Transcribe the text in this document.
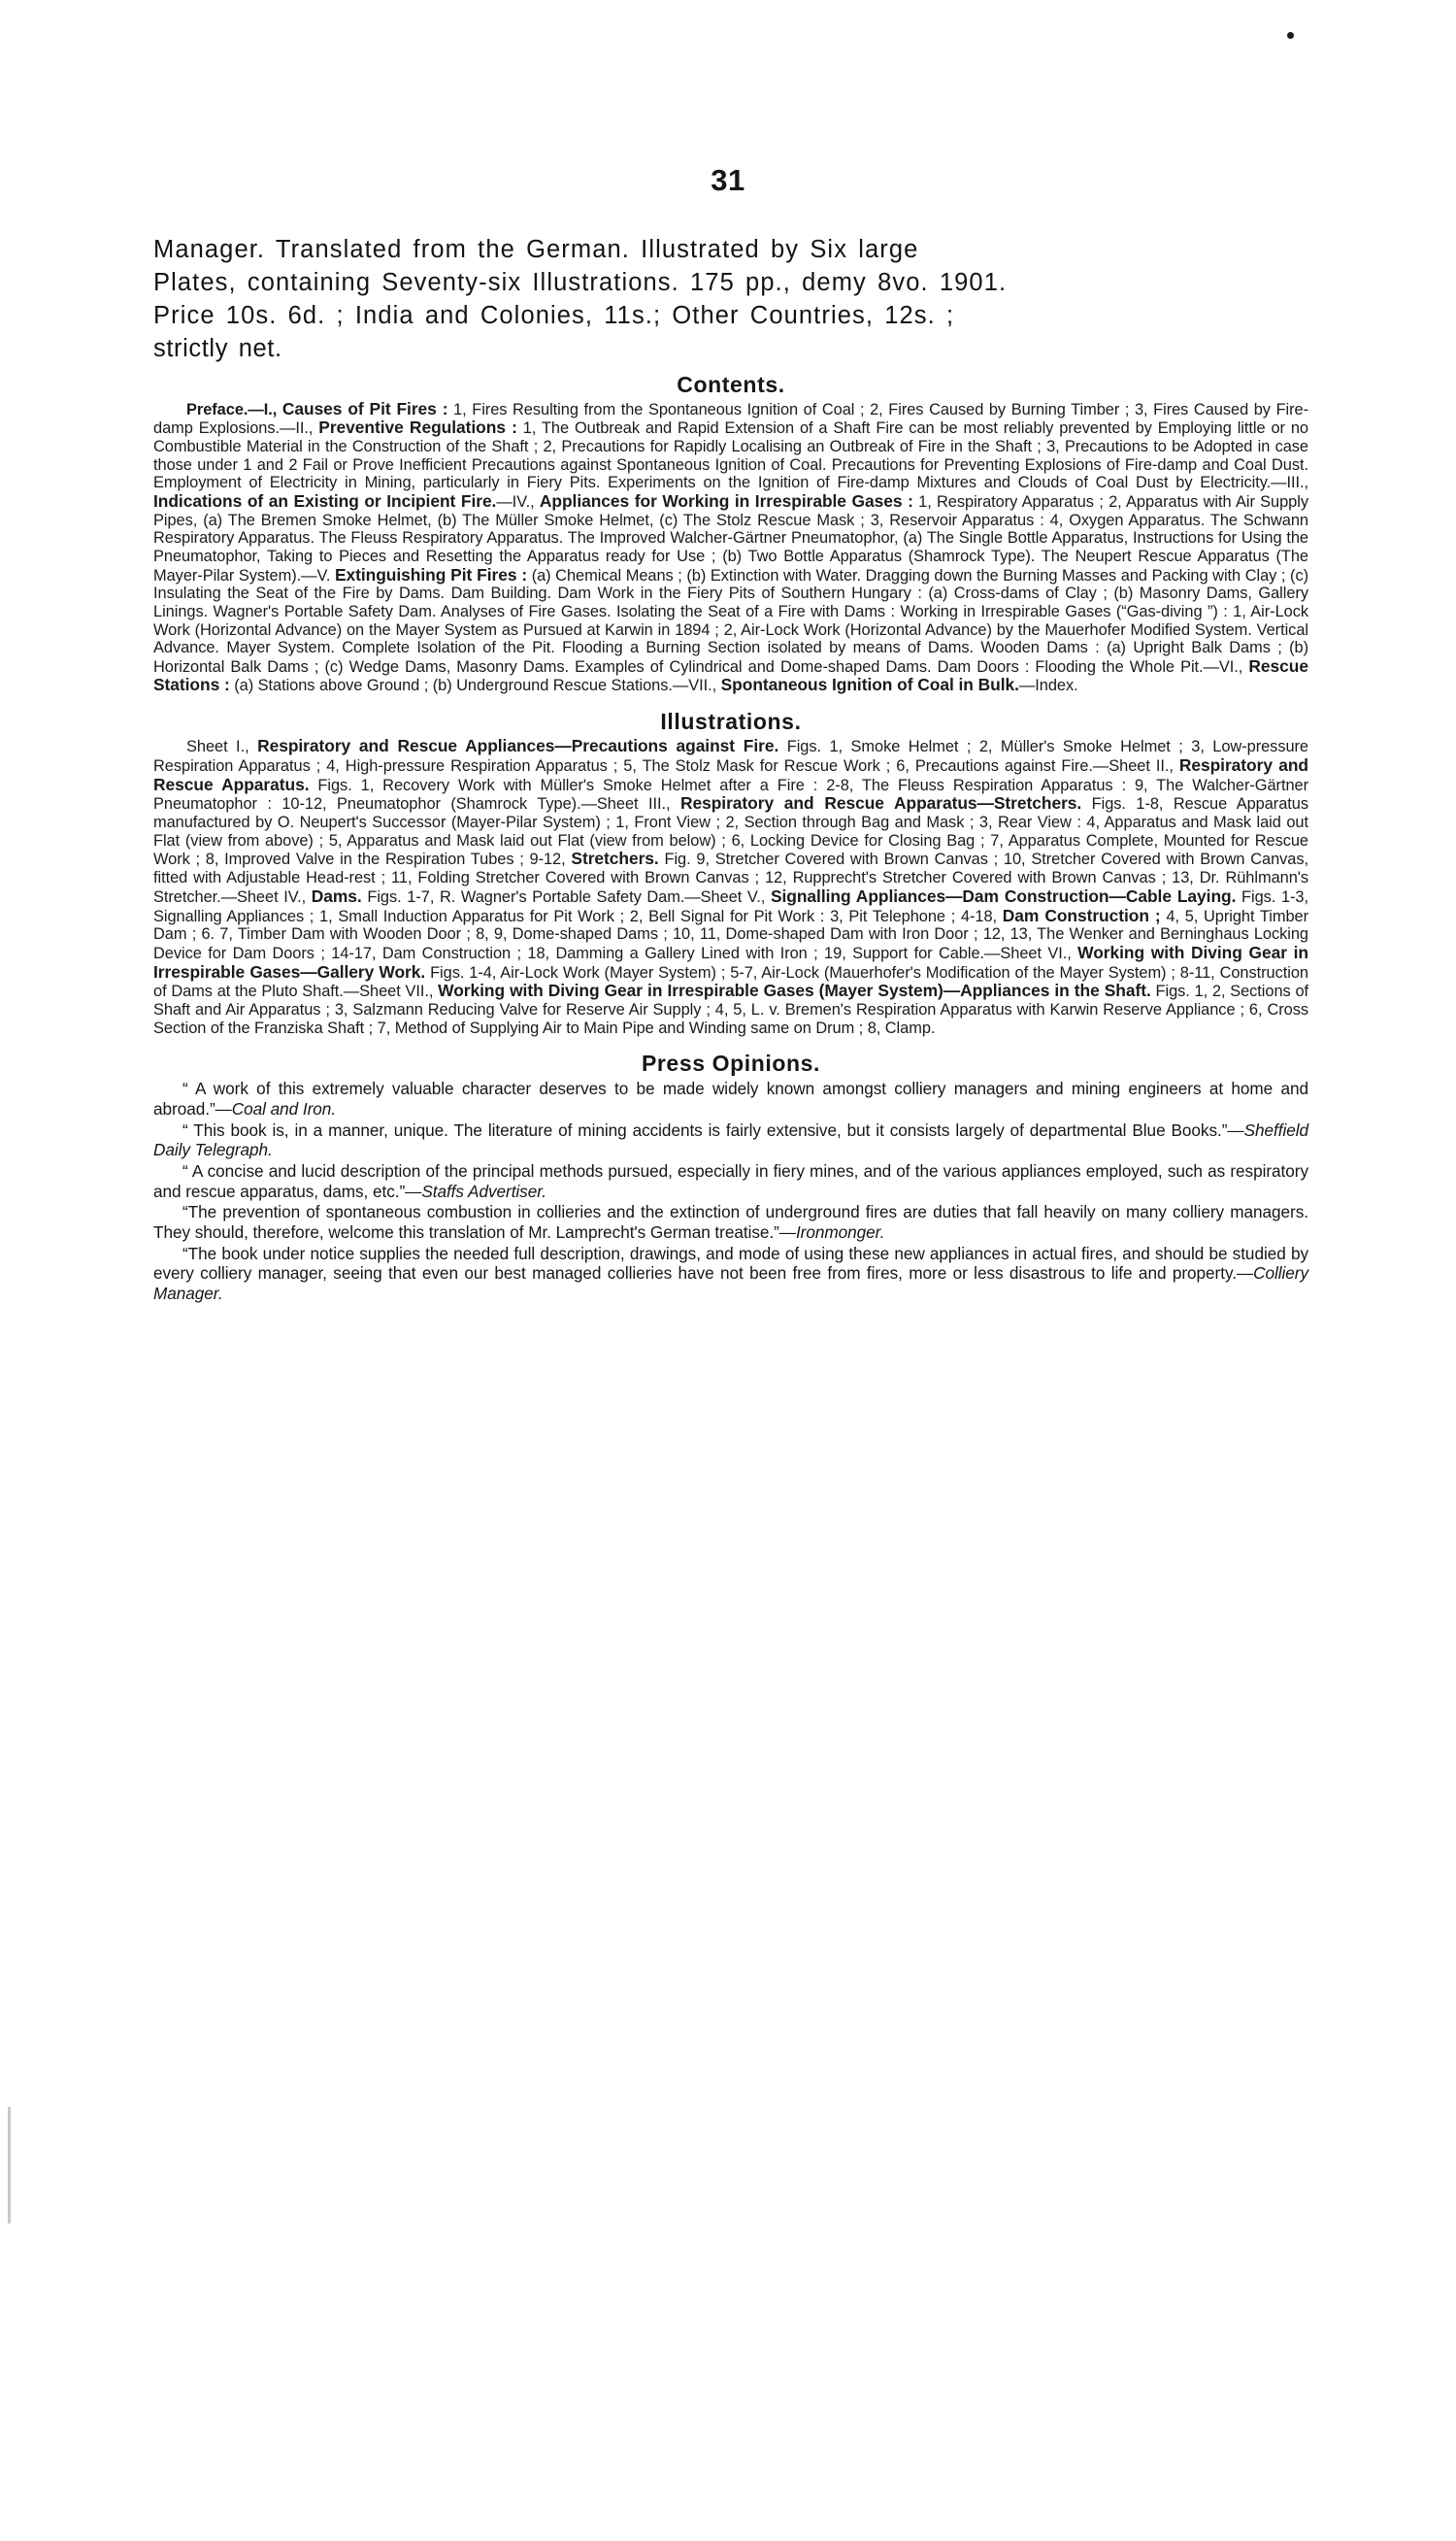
31
Manager. Translated from the German. Illustrated by Six large
Plates, containing Seventy-six Illustrations. 175 pp., demy 8vo. 1901.
Price 10s. 6d. ; India and Colonies, 11s.; Other Countries, 12s. ;
strictly net.
Contents.

Preface.—I., Causes of Pit Fires : 1, Fires Resulting from the Spontaneous Ignition of Coal ; 2, Fires Caused by Burning Timber ; 3, Fires Caused by Fire-damp Explosions.—II., Preventive Regulations : 1, The Outbreak and Rapid Extension of a Shaft Fire can be most reliably prevented by Employing little or no Combustible Material in the Construction of the Shaft ; 2, Precautions for Rapidly Localising an Outbreak of Fire in the Shaft ; 3, Precautions to be Adopted in case those under 1 and 2 Fail or Prove Inefficient Precautions against Spontaneous Ignition of Coal. Precautions for Preventing Explosions of Fire-damp and Coal Dust. Employment of Electricity in Mining, particularly in Fiery Pits. Experiments on the Ignition of Fire-damp Mixtures and Clouds of Coal Dust by Electricity.—III., Indications of an Existing or Incipient Fire.—IV., Appliances for Working in Irrespirable Gases : 1, Respiratory Apparatus ; 2, Apparatus with Air Supply Pipes, (a) The Bremen Smoke Helmet, (b) The Müller Smoke Helmet, (c) The Stolz Rescue Mask ; 3, Reservoir Apparatus : 4, Oxygen Apparatus. The Schwann Respiratory Apparatus. The Fleuss Respiratory Apparatus. The Improved Walcher-Gärtner Pneumatophor, (a) The Single Bottle Apparatus, Instructions for Using the Pneumatophor, Taking to Pieces and Resetting the Apparatus ready for Use ; (b) Two Bottle Apparatus (Shamrock Type). The Neupert Rescue Apparatus (The Mayer-Pilar System).—V. Extinguishing Pit Fires : (a) Chemical Means ; (b) Extinction with Water. Dragging down the Burning Masses and Packing with Clay ; (c) Insulating the Seat of the Fire by Dams. Dam Building. Dam Work in the Fiery Pits of Southern Hungary : (a) Cross-dams of Clay ; (b) Masonry Dams, Gallery Linings. Wagner's Portable Safety Dam. Analyses of Fire Gases. Isolating the Seat of a Fire with Dams : Working in Irrespirable Gases (“Gas-diving ”) : 1, Air-Lock Work (Horizontal Advance) on the Mayer System as Pursued at Karwin in 1894 ; 2, Air-Lock Work (Horizontal Advance) by the Mauerhofer Modified System. Vertical Advance. Mayer System. Complete Isolation of the Pit. Flooding a Burning Section isolated by means of Dams. Wooden Dams : (a) Upright Balk Dams ; (b) Horizontal Balk Dams ; (c) Wedge Dams, Masonry Dams. Examples of Cylindrical and Dome-shaped Dams. Dam Doors : Flooding the Whole Pit.—VI., Rescue Stations : (a) Stations above Ground ; (b) Underground Rescue Stations.—VII., Spontaneous Ignition of Coal in Bulk.—Index.

Illustrations.

Sheet I., Respiratory and Rescue Appliances—Precautions against Fire. Figs. 1, Smoke Helmet ; 2, Müller's Smoke Helmet ; 3, Low-pressure Respiration Apparatus ; 4, High-pressure Respiration Apparatus ; 5, The Stolz Mask for Rescue Work ; 6, Precautions against Fire.—Sheet II., Respiratory and Rescue Apparatus. Figs. 1, Recovery Work with Müller's Smoke Helmet after a Fire : 2-8, The Fleuss Respiration Apparatus : 9, The Walcher-Gärtner Pneumatophor : 10-12, Pneumatophor (Shamrock Type).—Sheet III., Respiratory and Rescue Apparatus—Stretchers. Figs. 1-8, Rescue Apparatus manufactured by O. Neupert's Successor (Mayer-Pilar System) ; 1, Front View ; 2, Section through Bag and Mask ; 3, Rear View : 4, Apparatus and Mask laid out Flat (view from above) ; 5, Apparatus and Mask laid out Flat (view from below) ; 6, Locking Device for Closing Bag ; 7, Apparatus Complete, Mounted for Rescue Work ; 8, Improved Valve in the Respiration Tubes ; 9-12, Stretchers. Fig. 9, Stretcher Covered with Brown Canvas ; 10, Stretcher Covered with Brown Canvas, fitted with Adjustable Head-rest ; 11, Folding Stretcher Covered with Brown Canvas ; 12, Rupprecht's Stretcher Covered with Brown Canvas ; 13, Dr. Rühlmann's Stretcher.—Sheet IV., Dams. Figs. 1-7, R. Wagner's Portable Safety Dam.—Sheet V., Signalling Appliances—Dam Construction—Cable Laying. Figs. 1-3, Signalling Appliances ; 1, Small Induction Apparatus for Pit Work ; 2, Bell Signal for Pit Work : 3, Pit Telephone ; 4-18, Dam Construction ; 4, 5, Upright Timber Dam ; 6. 7, Timber Dam with Wooden Door ; 8, 9, Dome-shaped Dams ; 10, 11, Dome-shaped Dam with Iron Door ; 12, 13, The Wenker and Berninghaus Locking Device for Dam Doors ; 14-17, Dam Construction ; 18, Damming a Gallery Lined with Iron ; 19, Support for Cable.—Sheet VI., Working with Diving Gear in Irrespirable Gases—Gallery Work. Figs. 1-4, Air-Lock Work (Mayer System) ; 5-7, Air-Lock (Mauerhofer's Modification of the Mayer System) ; 8-11, Construction of Dams at the Pluto Shaft.—Sheet VII., Working with Diving Gear in Irrespirable Gases (Mayer System)—Appliances in the Shaft. Figs. 1, 2, Sections of Shaft and Air Apparatus ; 3, Salzmann Reducing Valve for Reserve Air Supply ; 4, 5, L. v. Bremen's Respiration Apparatus with Karwin Reserve Appliance ; 6, Cross Section of the Franziska Shaft ; 7, Method of Supplying Air to Main Pipe and Winding same on Drum ; 8, Clamp.

Press Opinions.

“ A work of this extremely valuable character deserves to be made widely known amongst colliery managers and mining engineers at home and abroad.”—Coal and Iron.

“ This book is, in a manner, unique. The literature of mining accidents is fairly extensive, but it consists largely of departmental Blue Books.”—Sheffield Daily Telegraph.

“ A concise and lucid description of the principal methods pursued, especially in fiery mines, and of the various appliances employed, such as respiratory and rescue apparatus, dams, etc.”—Staffs Advertiser.

“The prevention of spontaneous combustion in collieries and the extinction of underground fires are duties that fall heavily on many colliery managers. They should, therefore, welcome this translation of Mr. Lamprecht's German treatise.”—Ironmonger.

“The book under notice supplies the needed full description, drawings, and mode of using these new appliances in actual fires, and should be studied by every colliery manager, seeing that even our best managed collieries have not been free from fires, more or less disastrous to life and property.—Colliery Manager.
